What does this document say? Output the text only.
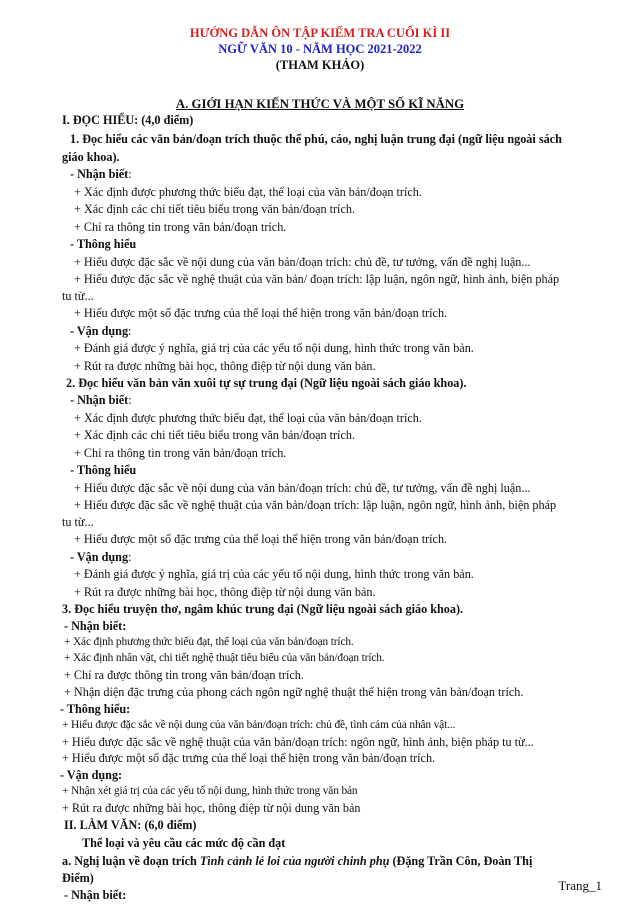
HƯỚNG DẪN ÔN TẬP KIỂM TRA CUỐI KÌ II
NGỮ VĂN 10 - NĂM HỌC 2021-2022
(THAM KHẢO)
A. GIỚI HẠN KIẾN THỨC VÀ MỘT SỐ KĨ NĂNG
I. ĐỌC HIỂU: (4,0 điểm)
1. Đọc hiểu các văn bản/đoạn trích thuộc thể phú, cáo, nghị luận trung đại (ngữ liệu ngoài sách
giáo khoa).
- Nhận biết:
+ Xác định được phương thức biểu đạt, thể loại của văn bản/đoạn trích.
+ Xác định các chi tiết tiêu biểu trong văn bản/đoạn trích.
+ Chỉ ra thông tin trong văn bản/đoạn trích.
- Thông hiểu
+ Hiểu được đặc sắc về nội dung của văn bản/đoạn trích: chủ đề, tư tưởng, vấn đề nghị luận...
+ Hiểu được đặc sắc về nghệ thuật của văn bản/ đoạn trích: lập luận, ngôn ngữ, hình ảnh, biện pháp
tu từ...
+ Hiểu được một số đặc trưng của thể loại thể hiện trong văn bản/đoạn trích.
- Vận dụng:
+ Đánh giá được ý nghĩa, giá trị của các yếu tố nội dung, hình thức trong văn bản.
+ Rút ra được những bài học, thông điệp từ nội dung văn bản.
2. Đọc hiểu văn bản văn xuôi tự sự trung đại (Ngữ liệu ngoài sách giáo khoa).
- Nhận biết:
+ Xác định được phương thức biểu đạt, thể loại của văn bản/đoạn trích.
+ Xác định các chi tiết tiêu biểu trong văn bản/đoạn trích.
+ Chỉ ra thông tin trong văn bản/đoạn trích.
- Thông hiểu
+ Hiểu được đặc sắc về nội dung của văn bản/đoạn trích: chủ đề, tư tưởng, vấn đề nghị luận...
+ Hiểu được đặc sắc về nghệ thuật của văn bản/đoạn trích: lập luận, ngôn ngữ, hình ảnh, biện pháp
tu từ...
+ Hiểu được một số đặc trưng của thể loại thể hiện trong văn bản/đoạn trích.
- Vận dụng:
+ Đánh giá được ý nghĩa, giá trị của các yếu tố nội dung, hình thức trong văn bản.
+ Rút ra được những bài học, thông điệp từ nội dung văn bản.
3. Đọc hiểu truyện thơ, ngâm khúc trung đại (Ngữ liệu ngoài sách giáo khoa).
- Nhận biết:
+ Xác định phương thức biểu đạt, thể loại của văn bản/đoạn trích.
+ Xác định nhân vật, chi tiết nghệ thuật tiêu biểu của văn bản/đoạn trích.
+ Chỉ ra được thông tin trong văn bản/đoạn trích.
+ Nhận diện đặc trưng của phong cách ngôn ngữ nghệ thuật thể hiện trong văn bản/đoạn trích.
- Thông hiểu:
+ Hiểu được đặc sắc về nội dung của văn bản/đoạn trích: chủ đề, tình cảm của nhân vật...
+ Hiểu được đặc sắc về nghệ thuật của văn bản/đoạn trích: ngôn ngữ, hình ảnh, biện pháp tu từ...
+ Hiểu được một số đặc trưng của thể loại thể hiện trong văn bản/đoạn trích.
- Vận dụng:
+ Nhận xét giá trị của các yếu tố nội dung, hình thức trong văn bản
+ Rút ra được những bài học, thông điệp từ nội dung văn bản
II. LÀM VĂN: (6,0 điểm)
Thể loại và yêu cầu các mức độ cần đạt
a. Nghị luận về đoạn trích Tình cảnh lẻ loi của người chinh phụ (Đặng Trần Côn, Đoàn Thị
Điểm)
- Nhận biết:
Trang_1
